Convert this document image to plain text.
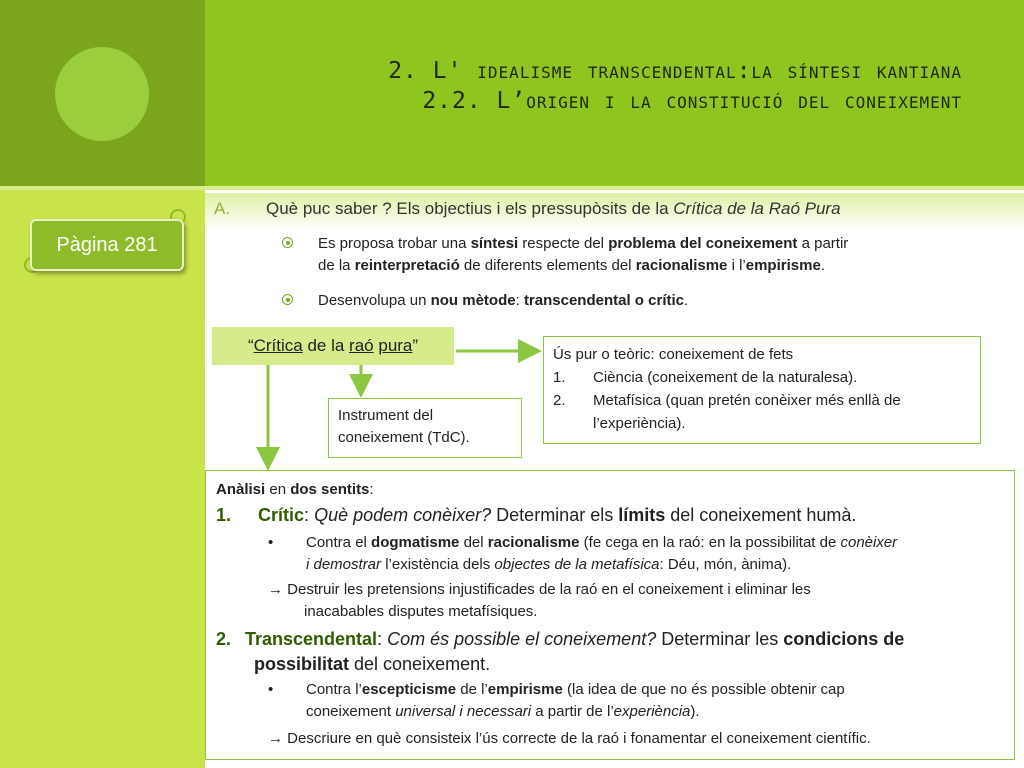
2. L' idealisme transcendental:la síntesi kantiana
2.2. L’origen i la constitució del coneixement
Pàgina 281
A. Què puc saber ? Els objectius i els pressupòsits de la Crítica de la Raó Pura
Es proposa trobar una síntesi respecte del problema del coneixement a partir
de la reinterpretació de diferents elements del racionalisme i l’empirisme.
Desenvolupa un nou mètode: transcendental o crític.
“Crítica de la raó pura”
Instrument del
coneixement (TdC).
Ús pur o teòric: coneixement de fets
1. Ciència (coneixement de la naturalesa).
2. Metafísica (quan pretén conèixer més enllà de
l’experiència).
Anàlisi en dos sentits:
1. Crític: Què podem conèixer? Determinar els límits del coneixement humà.
•	Contra el dogmatisme del racionalisme (fe cega en la raó: en la possibilitat de conèixer
i demostrar l’existència dels objectes de la metafísica: Déu, món, ànima).
→ Destruir les pretensions injustificades de la raó en el coneixement i eliminar les
inacabables disputes metafísiques.
2. Transcendental: Com és possible el coneixement? Determinar les condicions de
possibilitat del coneixement.
•	Contra l’escepticisme de l’empirisme (la idea de que no és possible obtenir cap
coneixement universal i necessari a partir de l’experiència).
→ Descriure en què consisteix l’ús correcte de la raó i fonamentar el coneixement científic.
